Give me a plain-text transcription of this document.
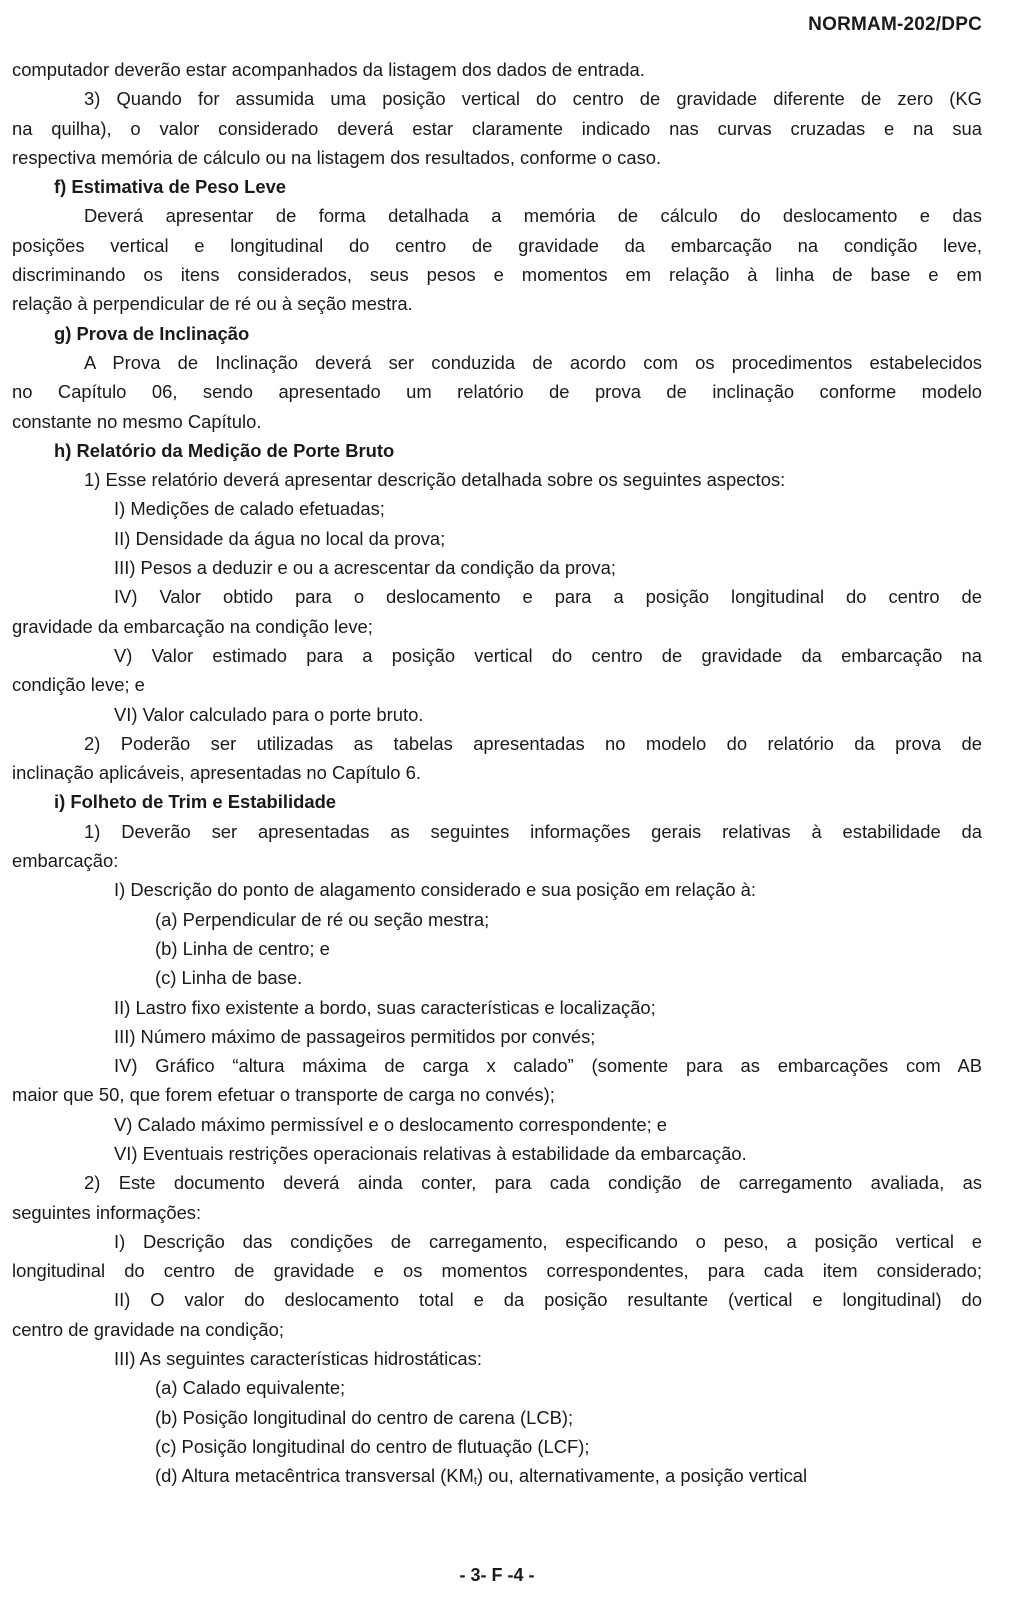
NORMAM-202/DPC
computador deverão estar acompanhados da listagem dos dados de entrada.
3) Quando for assumida uma posição vertical do centro de gravidade diferente de zero (KG
na quilha), o valor considerado deverá estar claramente indicado nas curvas cruzadas e na sua
respectiva memória de cálculo ou na listagem dos resultados, conforme o caso.
f) Estimativa de Peso Leve
Deverá apresentar de forma detalhada a memória de cálculo do deslocamento e das
posições vertical e longitudinal do centro de gravidade da embarcação na condição leve,
discriminando os itens considerados, seus pesos e momentos em relação à linha de base e em
relação à perpendicular de ré ou à seção mestra.
g) Prova de Inclinação
A Prova de Inclinação deverá ser conduzida de acordo com os procedimentos estabelecidos
no Capítulo 06, sendo apresentado um relatório de prova de inclinação conforme modelo
constante no mesmo Capítulo.
h) Relatório da Medição de Porte Bruto
1) Esse relatório deverá apresentar descrição detalhada sobre os seguintes aspectos:
I) Medições de calado efetuadas;
II) Densidade da água no local da prova;
III) Pesos a deduzir e ou a acrescentar da condição da prova;
IV) Valor obtido para o deslocamento e para a posição longitudinal do centro de
gravidade da embarcação na condição leve;
V) Valor estimado para a posição vertical do centro de gravidade da embarcação na
condição leve; e
VI) Valor calculado para o porte bruto.
2) Poderão ser utilizadas as tabelas apresentadas no modelo do relatório da prova de
inclinação aplicáveis, apresentadas no Capítulo 6.
i) Folheto de Trim e Estabilidade
1) Deverão ser apresentadas as seguintes informações gerais relativas à estabilidade da
embarcação:
I) Descrição do ponto de alagamento considerado e sua posição em relação à:
(a) Perpendicular de ré ou seção mestra;
(b) Linha de centro; e
(c) Linha de base.
II) Lastro fixo existente a bordo, suas características e localização;
III) Número máximo de passageiros permitidos por convés;
IV) Gráfico “altura máxima de carga x calado” (somente para as embarcações com AB
maior que 50, que forem efetuar o transporte de carga no convés);
V) Calado máximo permissível e o deslocamento correspondente; e
VI) Eventuais restrições operacionais relativas à estabilidade da embarcação.
2) Este documento deverá ainda conter, para cada condição de carregamento avaliada, as
seguintes informações:
I) Descrição das condições de carregamento, especificando o peso, a posição vertical e
longitudinal do centro de gravidade e os momentos correspondentes, para cada item considerado;
II) O valor do deslocamento total e da posição resultante (vertical e longitudinal) do
centro de gravidade na condição;
III) As seguintes características hidrostáticas:
(a) Calado equivalente;
(b) Posição longitudinal do centro de carena (LCB);
(c) Posição longitudinal do centro de flutuação (LCF);
(d) Altura metacêntrica transversal (KMt) ou, alternativamente, a posição vertical
- 3- F -4 -
